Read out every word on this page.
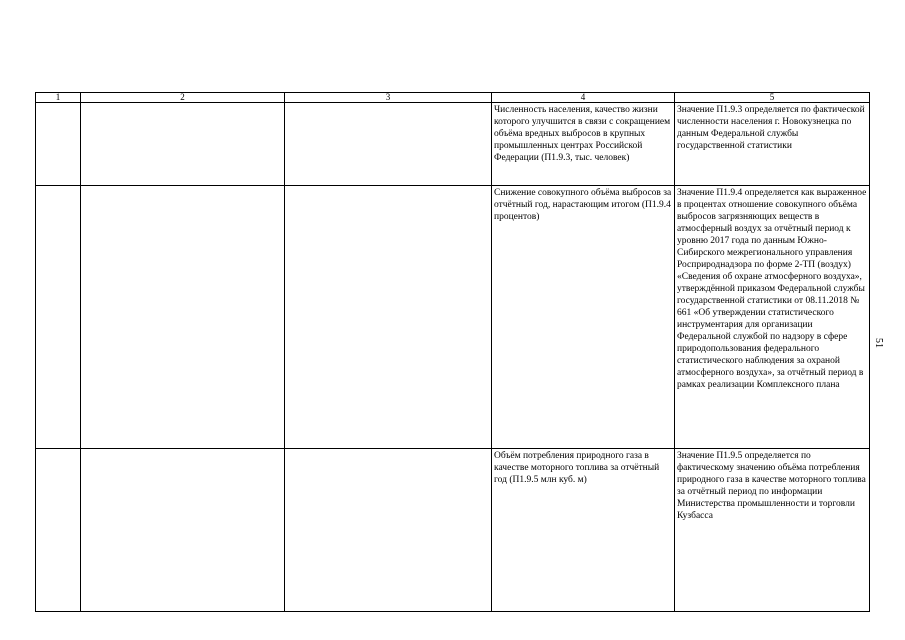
1	2	3	4	5

			Численность населения, качество жизни которого улучшится в связи с сокращением объёма вредных выбросов в крупных промышленных центрах Российской Федерации (П1.9.3, тыс. человек)	Значение П1.9.3 определяется по фактической численности населения г. Новокузнецка по данным Федеральной службы государственной статистики

			Снижение совокупного объёма выбросов за отчётный год, нарастающим итогом (П1.9.4 процентов)	Значение П1.9.4 определяется как выраженное в процентах отношение совокупного объёма выбросов загрязняющих веществ в атмосферный воздух за отчётный период к уровню 2017 года по данным Южно-Сибирского межрегионального управления Росприроднадзора по форме 2-ТП (воздух) «Сведения об охране атмосферного воздуха», утверждённой приказом Федеральной службы государственной статистики от 08.11.2018 № 661 «Об утверждении статистического инструментария для организации Федеральной службой по надзору в сфере природопользования федерального статистического наблюдения за охраной атмосферного воздуха», за отчётный период в рамках реализации Комплексного плана

			Объём потребления природного газа в качестве моторного топлива за отчётный год (П1.9.5 млн куб. м)	Значение П1.9.5 определяется по фактическому значению объёма потребления природного газа в качестве моторного топлива за отчётный период по информации Министерства промышленности и торговли Кузбасса
51
